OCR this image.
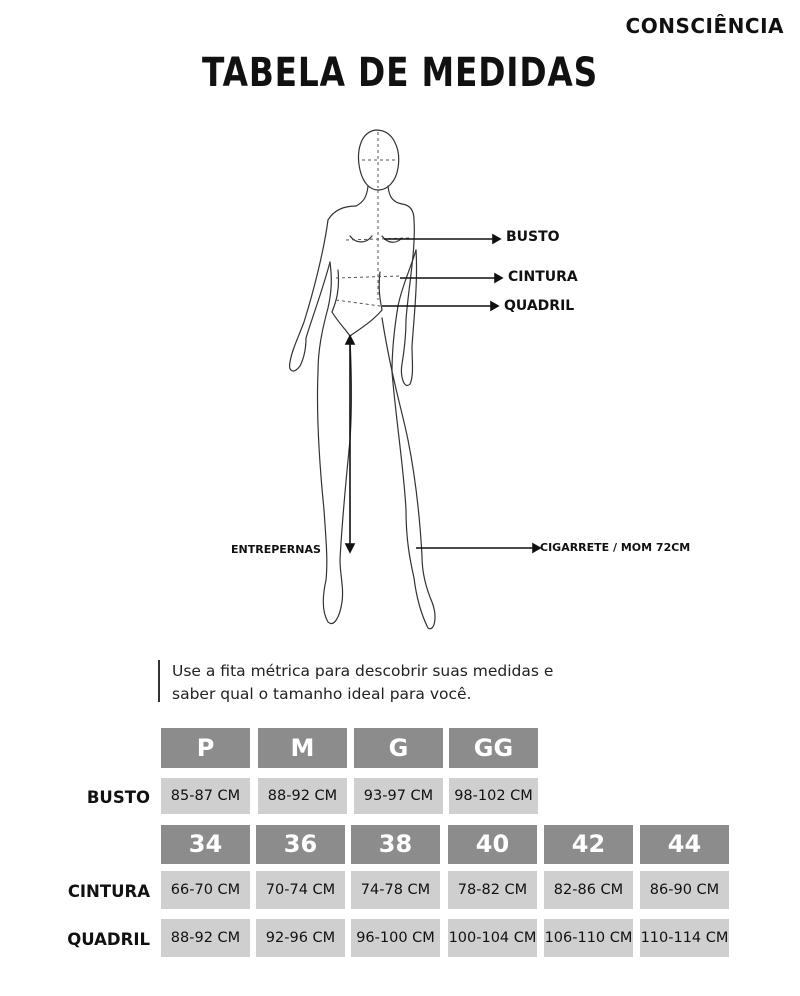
CONSCIÊNCIA
TABELA DE MEDIDAS
BUSTO
CINTURA
QUADRIL
ENTREPERNAS	CIGARRETE / MOM 72CM
Use a fita métrica para descobrir suas medidas e
saber qual o tamanho ideal para você.
P	M	G	GG
BUSTO	85-87 CM	88-92 CM	93-97 CM	98-102 CM
34	36	38	40	42	44
CINTURA	66-70 CM	70-74 CM	74-78 CM	78-82 CM	82-86 CM	86-90 CM
QUADRIL	88-92 CM	92-96 CM	96-100 CM 100-104 CM 106-110 CM 110-114 CM
